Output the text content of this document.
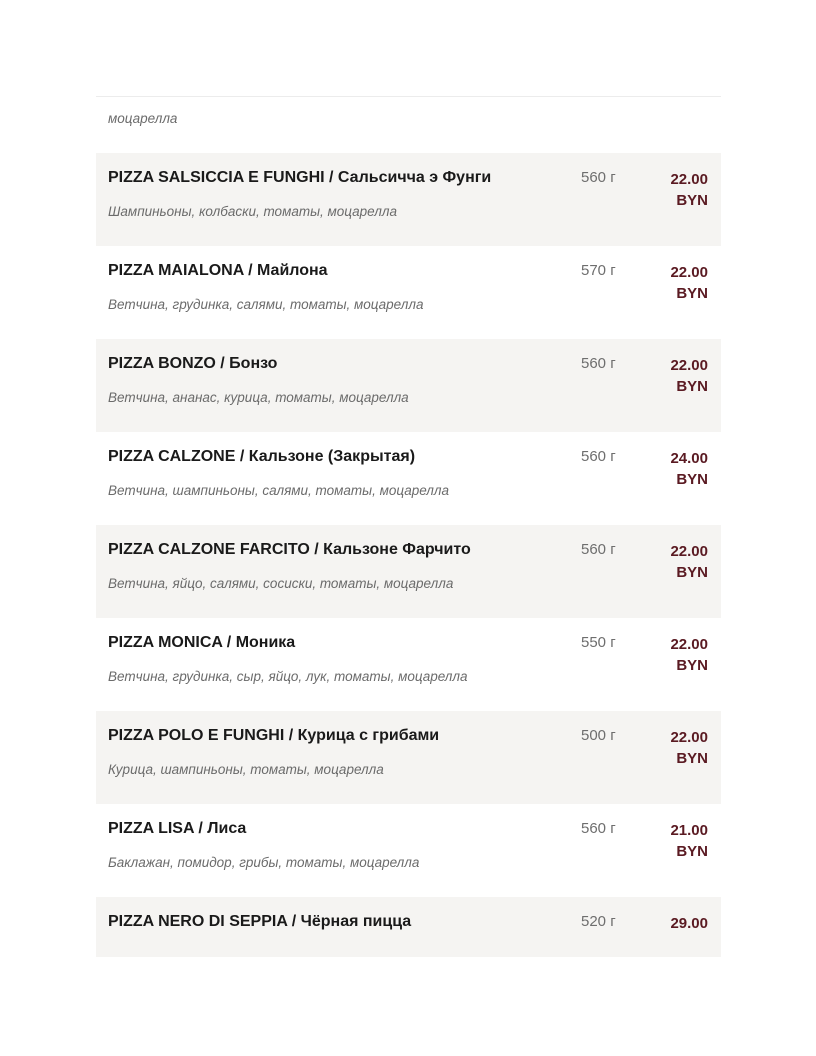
моцарелла
PIZZA SALSICCIA E FUNGHI / Сальсичча э Фунги
Шампиньоны, колбаски, томаты, моцарелла
560 г	22.00
BYN
PIZZA MAIALONA / Майлона
Ветчина, грудинка, салями, томаты, моцарелла
570 г	22.00
BYN
PIZZA BONZO / Бонзо
Ветчина, ананас, курица, томаты, моцарелла
560 г	22.00
BYN
PIZZA CALZONE / Кальзоне (Закрытая)
Ветчина, шампиньоны, салями, томаты, моцарелла
560 г	24.00
BYN
PIZZA CALZONE FARCITO / Кальзоне Фарчито
Ветчина, яйцо, салями, сосиски, томаты, моцарелла
560 г	22.00
BYN
PIZZA MONICA / Моника
Ветчина, грудинка, сыр, яйцо, лук, томаты, моцарелла
550 г	22.00
BYN
PIZZA POLO E FUNGHI / Курица с грибами
Курица, шампиньоны, томаты, моцарелла
500 г	22.00
BYN
PIZZA LISA / Лиса
Баклажан, помидор, грибы, томаты, моцарелла
560 г	21.00
BYN
PIZZA NERO DI SEPPIA / Чёрная пицца	520 г	29.00
